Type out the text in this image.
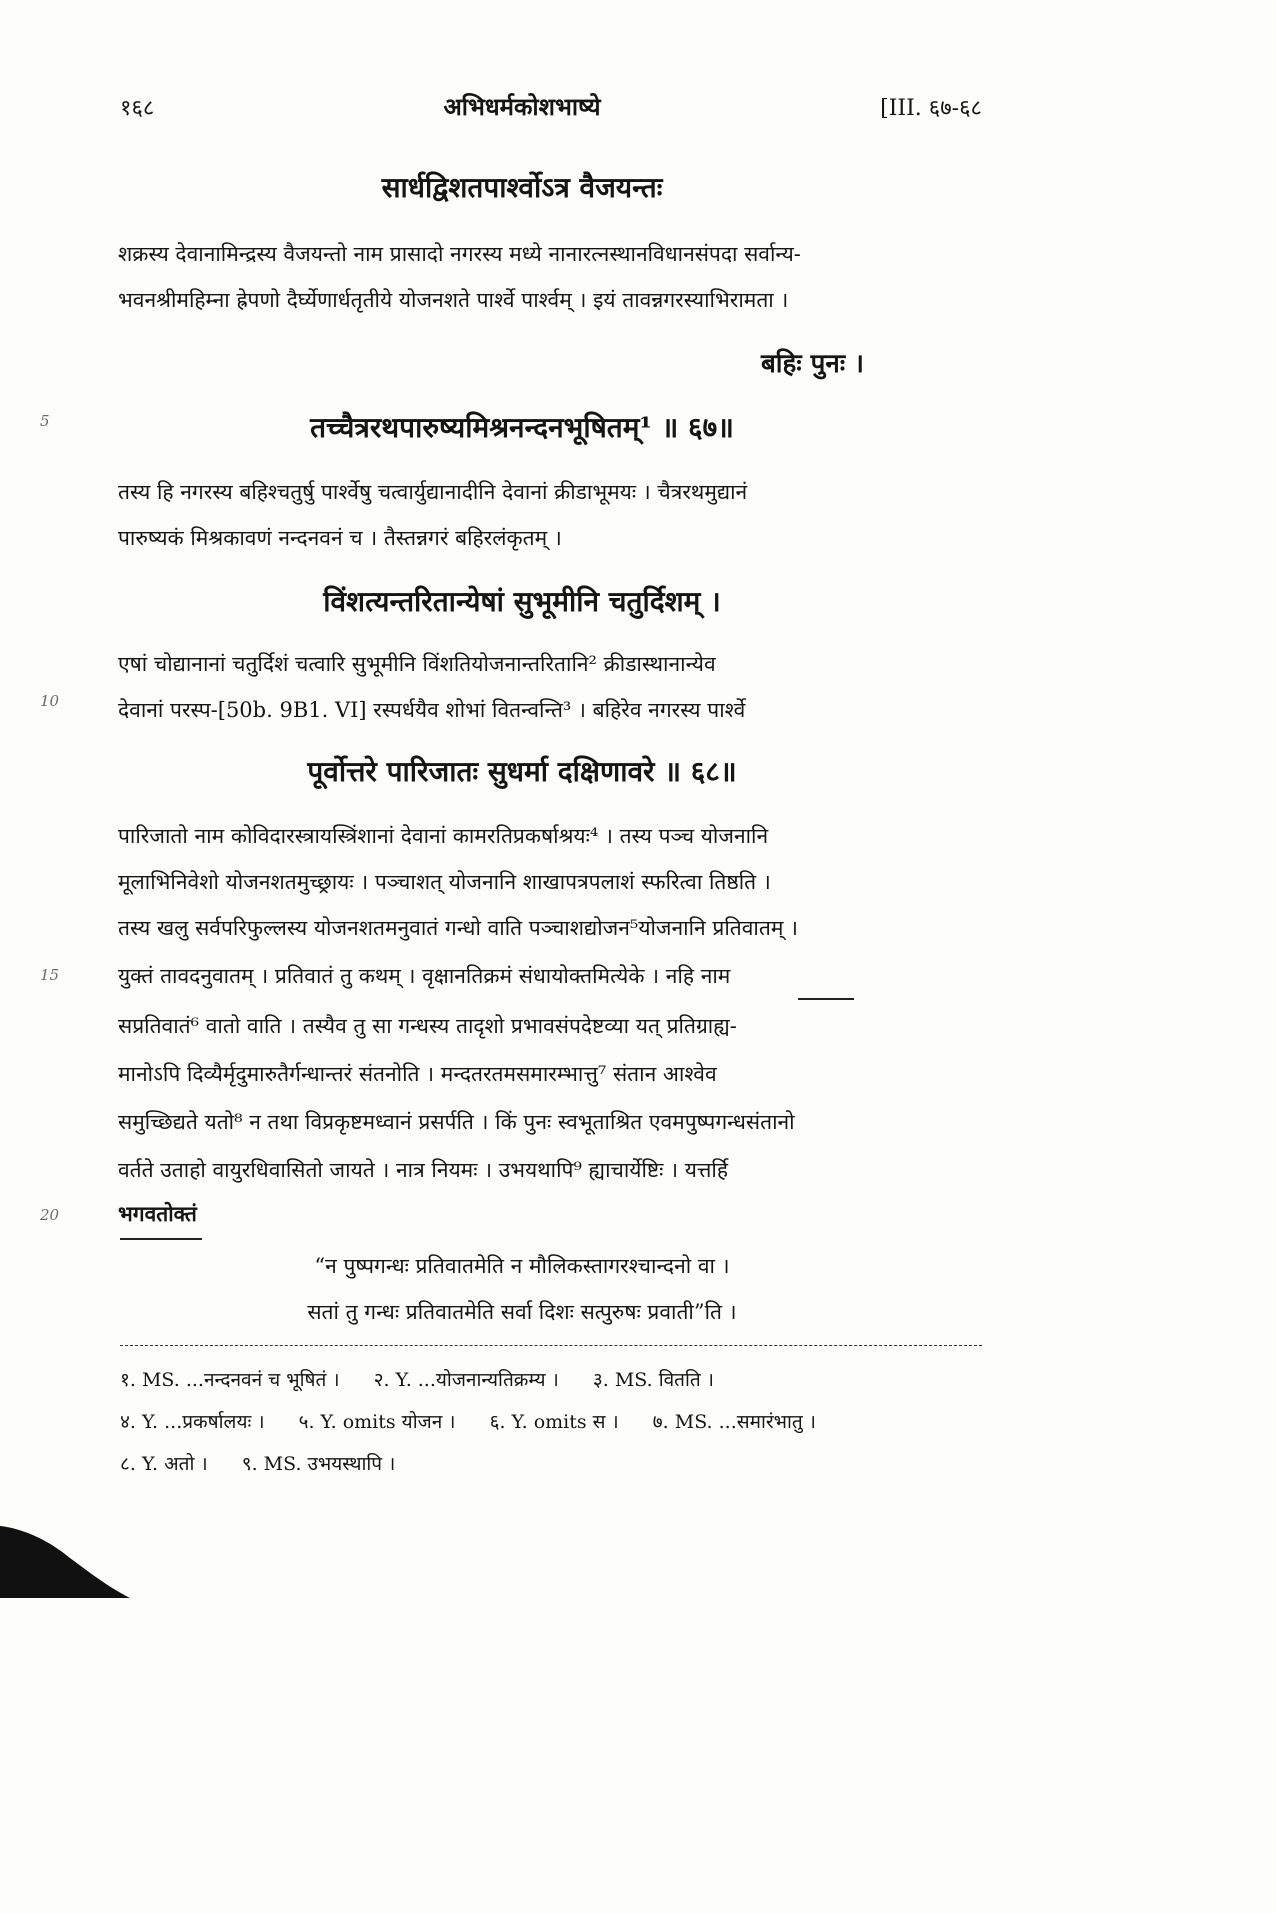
१६८	अभिधर्मकोशभाष्ये	[III. ६७-६८
सार्धद्विशतपार्श्वोऽत्र वैजयन्तः
शक्रस्य देवानामिन्द्रस्य वैजयन्तो नाम प्रासादो नगरस्य मध्ये नानारत्नस्थानविधानसंपदा सर्वान्य-
भवनश्रीमहिम्ना ह्रेपणो दैर्घ्येणार्धतृतीये योजनशते पार्श्वे पार्श्वम् । इयं तावन्नगरस्याभिरामता ।
बहिः पुनः ।
5	तच्चैत्ररथपारुष्यमिश्रनन्दनभूषितम्¹ ॥ ६७॥
तस्य हि नगरस्य बहिश्चतुर्षु पार्श्वेषु चत्वार्युद्यानादीनि देवानां क्रीडाभूमयः । चैत्ररथमुद्यानं
पारुष्यकं मिश्रकावणं नन्दनवनं च । तैस्तन्नगरं बहिरलंकृतम् ।
विंशत्यन्तरितान्येषां सुभूमीनि चतुर्दिशम् ।
एषां चोद्यानानां चतुर्दिशं चत्वारि सुभूमीनि विंशतियोजनान्तरितानि² क्रीडास्थानान्येव
10	देवानां परस्प-[50b. 9B1. VI] रस्पर्धयैव शोभां वितन्वन्ति³ । बहिरेव नगरस्य पार्श्वे
पूर्वोत्तरे पारिजातः सुधर्मा दक्षिणावरे ॥ ६८॥
पारिजातो नाम कोविदारस्त्रायस्त्रिंशानां देवानां कामरतिप्रकर्षाश्रयः⁴ । तस्य पञ्च योजनानि
मूलाभिनिवेशो योजनशतमुच्छ्रायः । पञ्चाशत् योजनानि शाखापत्रपलाशं स्फरित्वा तिष्ठति ।
तस्य खलु सर्वपरिफुल्लस्य योजनशतमनुवातं गन्धो वाति पञ्चाशद्योजन⁵योजनानि प्रतिवातम् ।
15	युक्तं तावदनुवातम् । प्रतिवातं तु कथम् । वृक्षानतिक्रमं संधायोक्तमित्येके । नहि नाम
सप्रतिवातं⁶ वातो वाति । तस्यैव तु सा गन्धस्य तादृशो प्रभावसंपदेष्टव्या यत् प्रतिग्राह्य-
मानोऽपि दिव्यैर्मृदुमारुतैर्गन्धान्तरं संतनोति । मन्दतरतमसमारम्भात्तु⁷ संतान आश्वेव
समुच्छिद्यते यतो⁸ न तथा विप्रकृष्टमध्वानं प्रसर्पति । किं पुनः स्वभूताश्रित एवमपुष्पगन्धसंतानो
वर्तते उताहो वायुरधिवासितो जायते । नात्र नियमः । उभयथापि⁹ ह्याचार्येष्टिः । यत्तर्हि
20	भगवतोक्तं
“न पुष्पगन्धः प्रतिवातमेति न मौलिकस्तागरश्चान्दनो वा ।
सतां तु गन्धः प्रतिवातमेति सर्वा दिशः सत्पुरुषः प्रवाती”ति ।
१. MS. ...नन्दनवनं च भूषितं । २. Y. ...योजनान्यतिक्रम्य । ३. MS. वितति ।
४. Y. ...प्रकर्षालयः । ५. Y. omits योजन । ६. Y. omits स । ७. MS. ...समारंभातु ।
८. Y. अतो । ९. MS. उभयस्थापि ।
